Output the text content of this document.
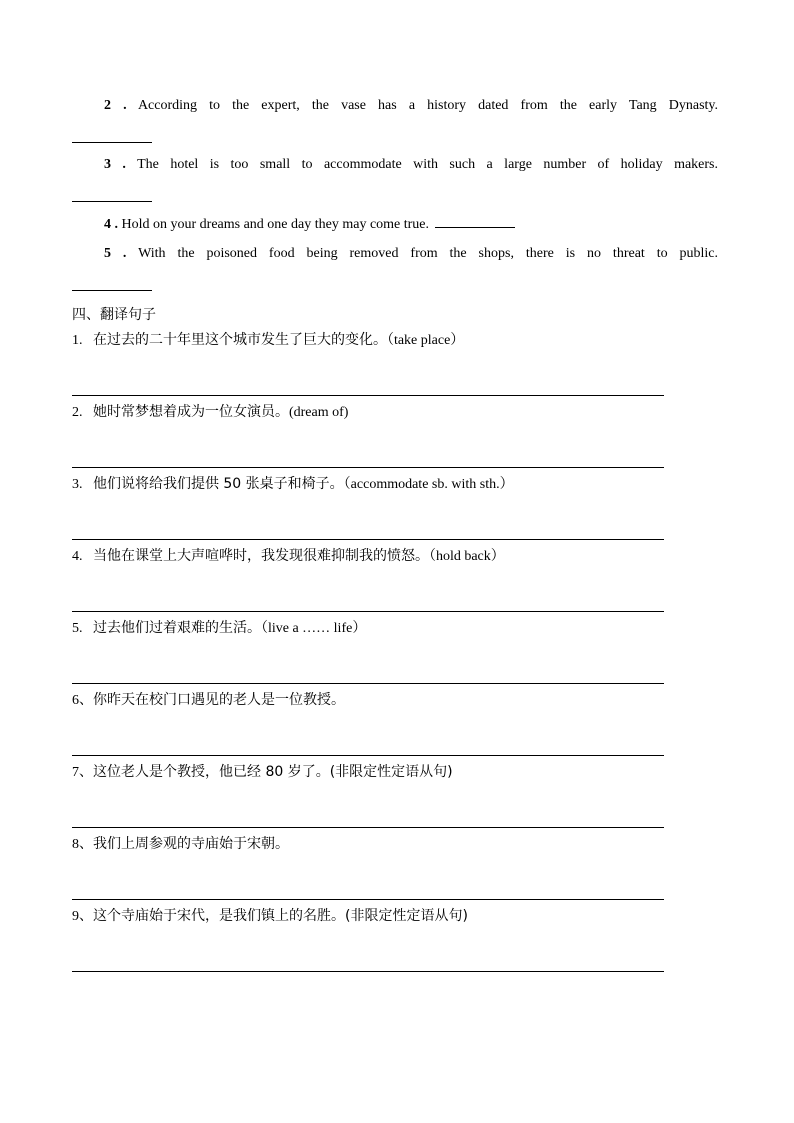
2 . According to the expert, the vase has a history dated from the early Tang Dynasty.
3 . The hotel is too small to accommodate with such a large number of holiday makers.
4 . Hold on your dreams and one day they may come true.
5 . With the poisoned food being removed from the shops, there is no threat to public.
四、翻译句子
1. 在过去的二十年里这个城市发生了巨大的变化。（take place）
2. 她时常梦想着成为一位女演员。(dream of)
3. 他们说将给我们提供 50 张桌子和椅子。（accommodate sb. with sth.）
4. 当他在课堂上大声喧哗时，我发现很难抑制我的愤怒。（hold back）
5. 过去他们过着艰难的生活。（live a …… life）
6、你昨天在校门口遇见的老人是一位教授。
7、这位老人是个教授，他已经 80 岁了。(非限定性定语从句)
8、我们上周参观的寺庙始于宋朝。
9、这个寺庙始于宋代，是我们镇上的名胜。(非限定性定语从句)
